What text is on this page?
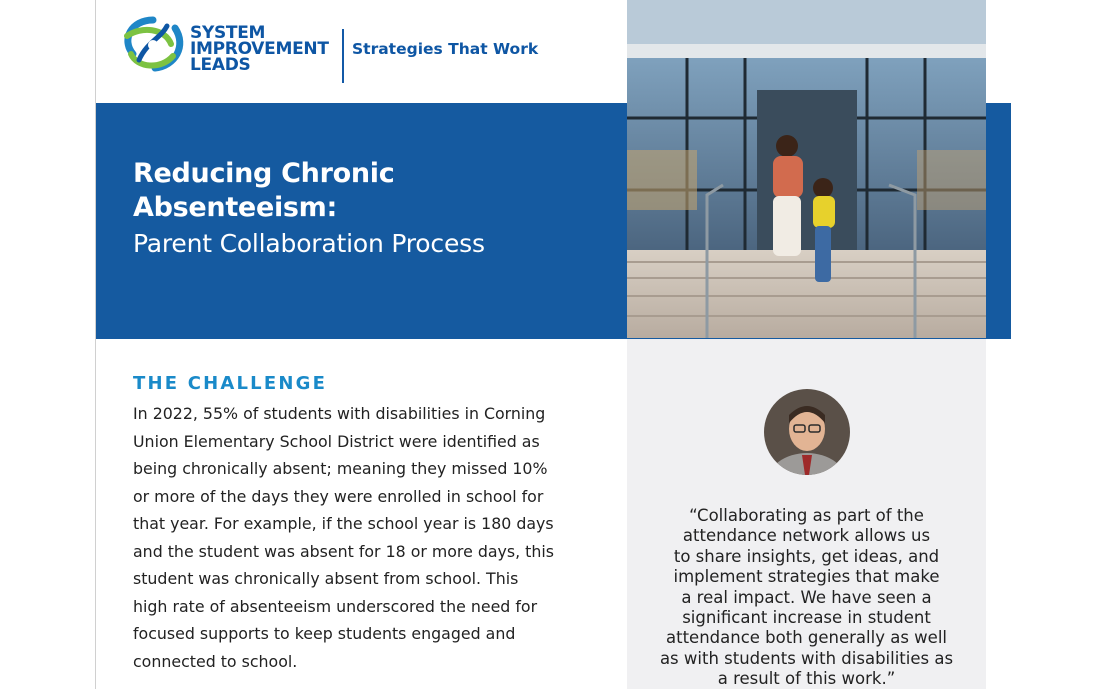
SYSTEM
IMPROVEMENT
LEADS
Strategies That Work
Reducing Chronic
Absenteeism:
Parent Collaboration Process
“Collaborating as part of the
attendance network allows us
to share insights, get ideas, and
implement strategies that make
a real impact. We have seen a
significant increase in student
attendance both generally as well
as with students with disabilities as
a result of this work.”
THE CHALLENGE
In 2022, 55% of students with disabilities in Corning
Union Elementary School District were identified as
being chronically absent; meaning they missed 10%
or more of the days they were enrolled in school for
that year. For example, if the school year is 180 days
and the student was absent for 18 or more days, this
student was chronically absent from school. This
high rate of absenteeism underscored the need for
focused supports to keep students engaged and
connected to school.
